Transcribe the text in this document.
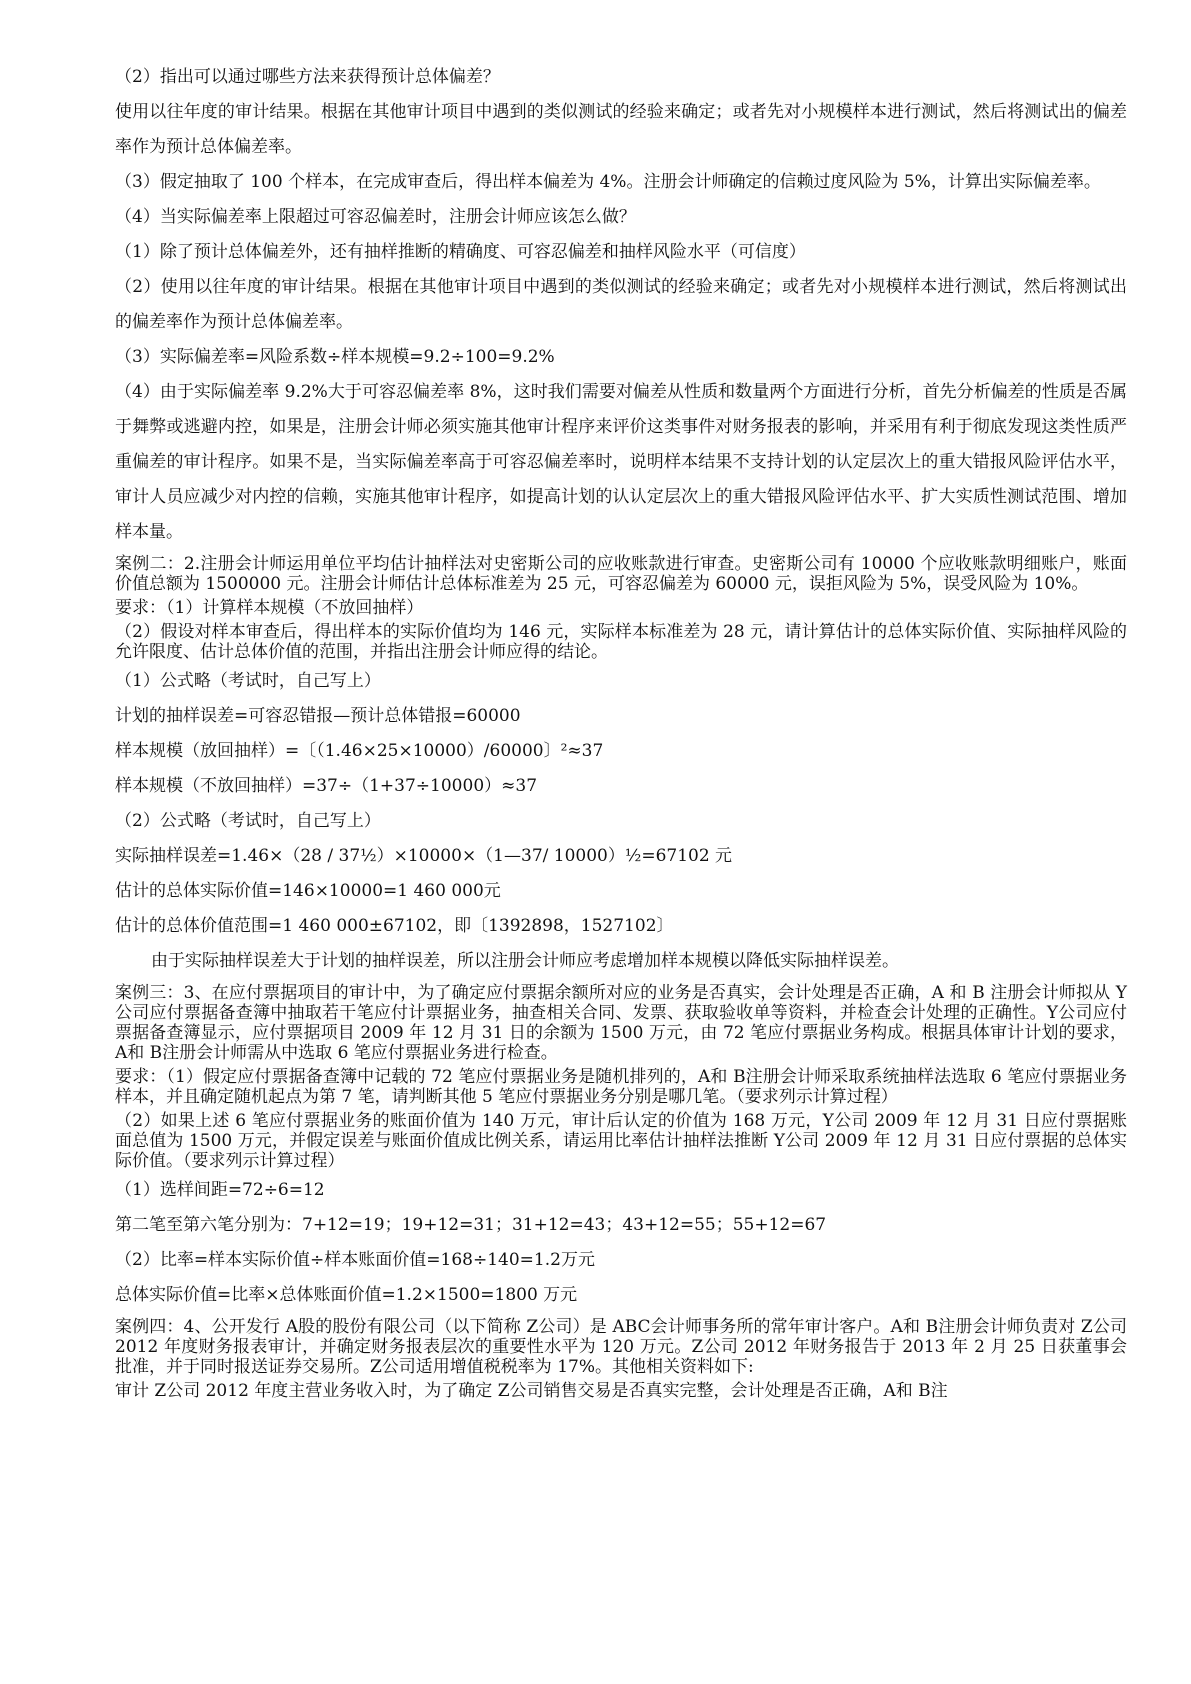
（2）指出可以通过哪些方法来获得预计总体偏差？

使用以往年度的审计结果。根据在其他审计项目中遇到的类似测试的经验来确定；或者先对小规模样本进行测试，然后将测试出的偏差率作为预计总体偏差率。

（3）假定抽取了 100 个样本，在完成审查后，得出样本偏差为 4%。注册会计师确定的信赖过度风险为 5%，计算出实际偏差率。

（4）当实际偏差率上限超过可容忍偏差时，注册会计师应该怎么做？

（1）除了预计总体偏差外，还有抽样推断的精确度、可容忍偏差和抽样风险水平（可信度）

（2）使用以往年度的审计结果。根据在其他审计项目中遇到的类似测试的经验来确定；或者先对小规模样本进行测试，然后将测试出的偏差率作为预计总体偏差率。

（3）实际偏差率=风险系数÷样本规模=9.2÷100=9.2%

（4）由于实际偏差率 9.2%大于可容忍偏差率 8%，这时我们需要对偏差从性质和数量两个方面进行分析，首先分析偏差的性质是否属于舞弊或逃避内控，如果是，注册会计师必须实施其他审计程序来评价这类事件对财务报表的影响，并采用有利于彻底发现这类性质严重偏差的审计程序。如果不是，当实际偏差率高于可容忍偏差率时，说明样本结果不支持计划的认定层次上的重大错报风险评估水平，审计人员应减少对内控的信赖，实施其他审计程序，如提高计划的认认定层次上的重大错报风险评估水平、扩大实质性测试范围、增加样本量。

案例二：2.注册会计师运用单位平均估计抽样法对史密斯公司的应收账款进行审查。史密斯公司有 10000 个应收账款明细账户，账面价值总额为 1500000 元。注册会计师估计总体标准差为 25 元，可容忍偏差为 60000 元，误拒风险为 5%，误受风险为 10%。

要求：（1）计算样本规模（不放回抽样）

（2）假设对样本审查后，得出样本的实际价值均为 146 元，实际样本标准差为 28 元，请计算估计的总体实际价值、实际抽样风险的允许限度、估计总体价值的范围，并指出注册会计师应得的结论。

（1）公式略（考试时，自己写上）

计划的抽样误差=可容忍错报—预计总体错报=60000

样本规模（放回抽样）=〔（1.46×25×10000）/60000〕²≈37

样本规模（不放回抽样）=37÷（1+37÷10000）≈37

（2）公式略（考试时，自己写上）

实际抽样误差=1.46×（28 / 37½）×10000×（1—37/ 10000）½=67102 元

估计的总体实际价值=146×10000=1 460 000元

估计的总体价值范围=1 460 000±67102，即〔1392898，1527102〕

由于实际抽样误差大于计划的抽样误差，所以注册会计师应考虑增加样本规模以降低实际抽样误差。

案例三：3、在应付票据项目的审计中，为了确定应付票据余额所对应的业务是否真实，会计处理是否正确，A 和 B 注册会计师拟从 Y公司应付票据备查簿中抽取若干笔应付计票据业务，抽查相关合同、发票、获取验收单等资料，并检查会计处理的正确性。Y公司应付票据备查簿显示，应付票据项目 2009 年 12 月 31 日的余额为 1500 万元，由 72 笔应付票据业务构成。根据具体审计计划的要求，A和 B注册会计师需从中选取 6 笔应付票据业务进行检查。

要求：（1）假定应付票据备查簿中记载的 72 笔应付票据业务是随机排列的，A和 B注册会计师采取系统抽样法选取 6 笔应付票据业务样本，并且确定随机起点为第 7 笔，请判断其他 5 笔应付票据业务分别是哪几笔。（要求列示计算过程）

（2）如果上述 6 笔应付票据业务的账面价值为 140 万元，审计后认定的价值为 168 万元，Y公司 2009 年 12 月 31 日应付票据账面总值为 1500 万元，并假定误差与账面价值成比例关系，请运用比率估计抽样法推断 Y公司 2009 年 12 月 31 日应付票据的总体实际价值。（要求列示计算过程）

（1）选样间距=72÷6=12

第二笔至第六笔分别为：7+12=19；19+12=31；31+12=43；43+12=55；55+12=67

（2）比率=样本实际价值÷样本账面价值=168÷140=1.2万元

总体实际价值=比率×总体账面价值=1.2×1500=1800 万元

案例四：4、公开发行 A股的股份有限公司（以下简称 Z公司）是 ABC会计师事务所的常年审计客户。A和 B注册会计师负责对 Z公司 2012 年度财务报表审计，并确定财务报表层次的重要性水平为 120 万元。Z公司 2012 年财务报告于 2013 年 2 月 25 日获董事会批准，并于同时报送证券交易所。Z公司适用增值税税率为 17%。其他相关资料如下:

审计 Z公司 2012 年度主营业务收入时，为了确定 Z公司销售交易是否真实完整，会计处理是否正确，A和 B注
